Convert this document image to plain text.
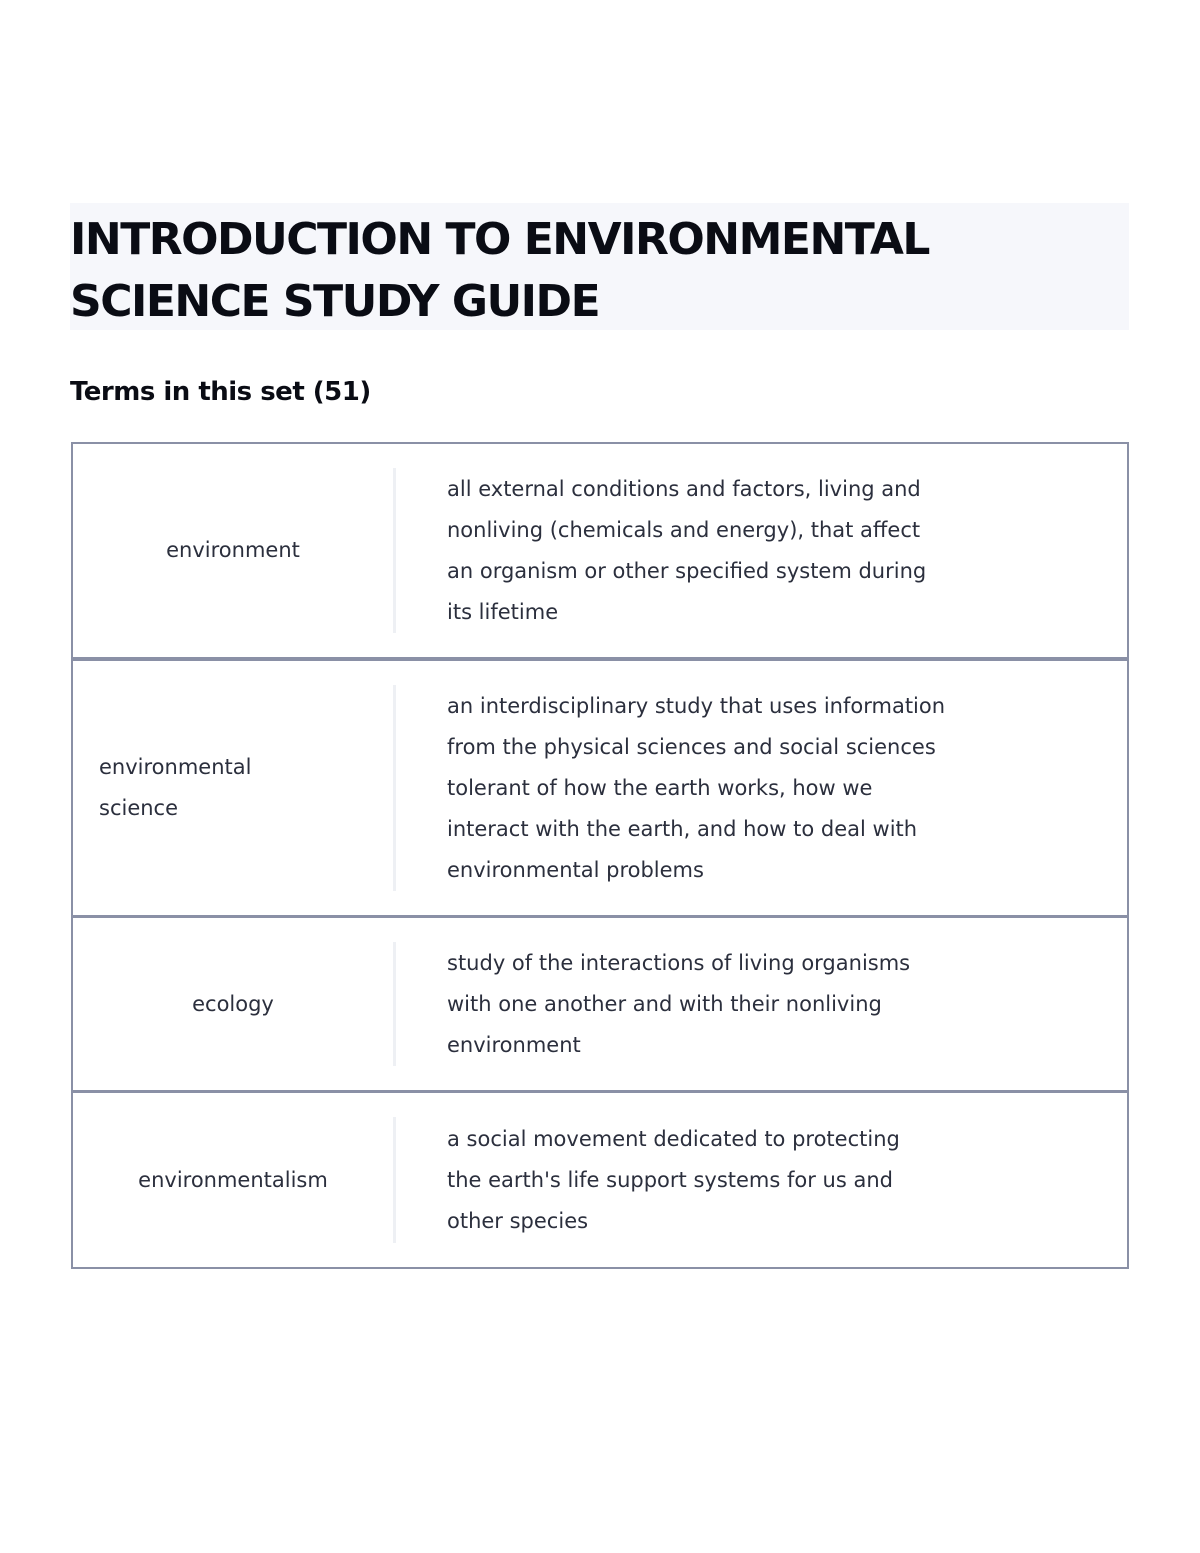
INTRODUCTION TO ENVIRONMENTAL
SCIENCE STUDY GUIDE
Terms in this set (51)
environment
all external conditions and factors, living and
nonliving (chemicals and energy), that affect
an organism or other specified system during
its lifetime
environmental
science
an interdisciplinary study that uses information
from the physical sciences and social sciences
tolerant of how the earth works, how we
interact with the earth, and how to deal with
environmental problems
ecology
study of the interactions of living organisms
with one another and with their nonliving
environment
environmentalism
a social movement dedicated to protecting
the earth's life support systems for us and
other species
